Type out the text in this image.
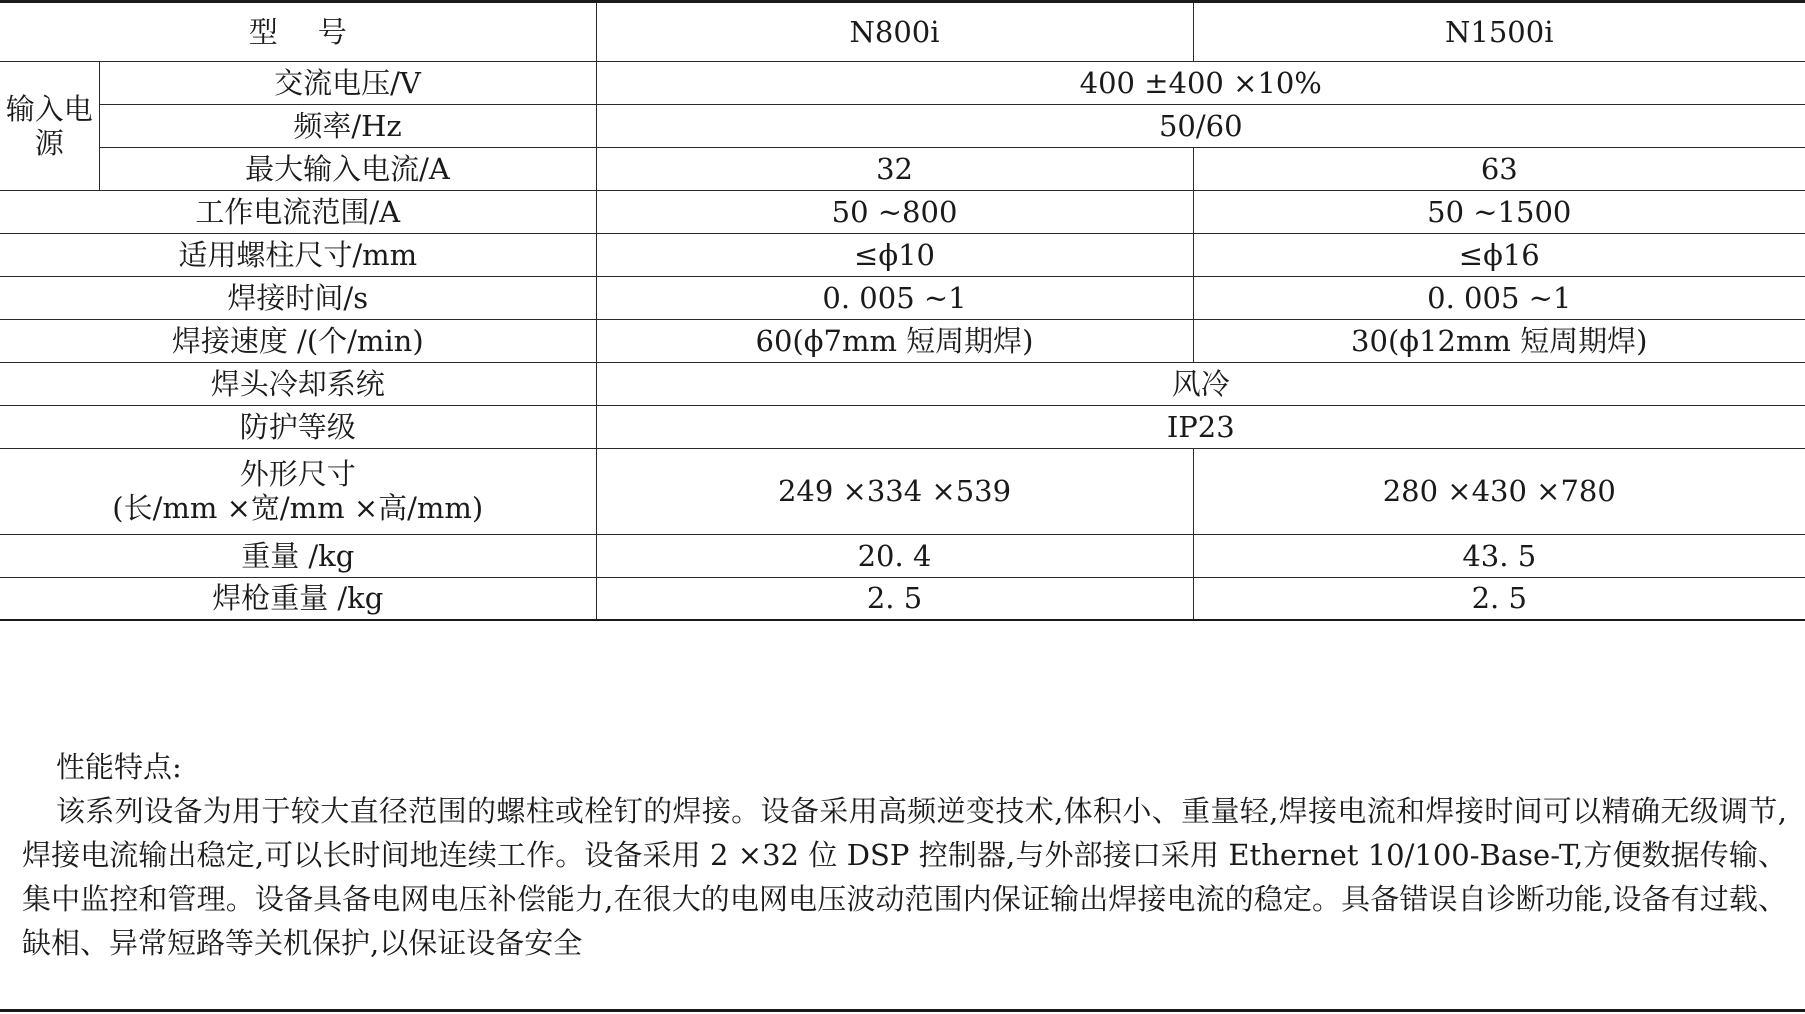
型号		N800i	N1500i
输入电源	交流电压/V	400 ±400 ×10%	
	频率/Hz	50/60	
	最大输入电流/A	32	63
工作电流范围/A		50 ~800	50 ~1500
适用螺柱尺寸/mm		≤ϕ10	≤ϕ16
焊接时间/s		0. 005 ~1	0. 005 ~1
焊接速度 /(个/min)		60(ϕ7mm 短周期焊)	30(ϕ12mm 短周期焊)
焊头冷却系统		风冷	
防护等级		IP23	

外形尺寸
(长/mm ×宽/mm ×高/mm)		249 ×334 ×539	280 ×430 ×780
重量 /kg		20. 4	43. 5
焊枪重量 /kg		2. 5	2. 5
性能特点:
该系列设备为用于较大直径范围的螺柱或栓钉的焊接。设备采用高频逆变技术,体积小、重量轻,焊接电流和焊接时间可以精确无级调节,焊接电流输出稳定,可以长时间地连续工作。设备采用 2 ×32 位 DSP 控制器,与外部接口采用 Ethernet 10/100-Base-T,方便数据传输、集中监控和管理。设备具备电网电压补偿能力,在很大的电网电压波动范围内保证输出焊接电流的稳定。具备错误自诊断功能,设备有过载、缺相、异常短路等关机保护,以保证设备安全
